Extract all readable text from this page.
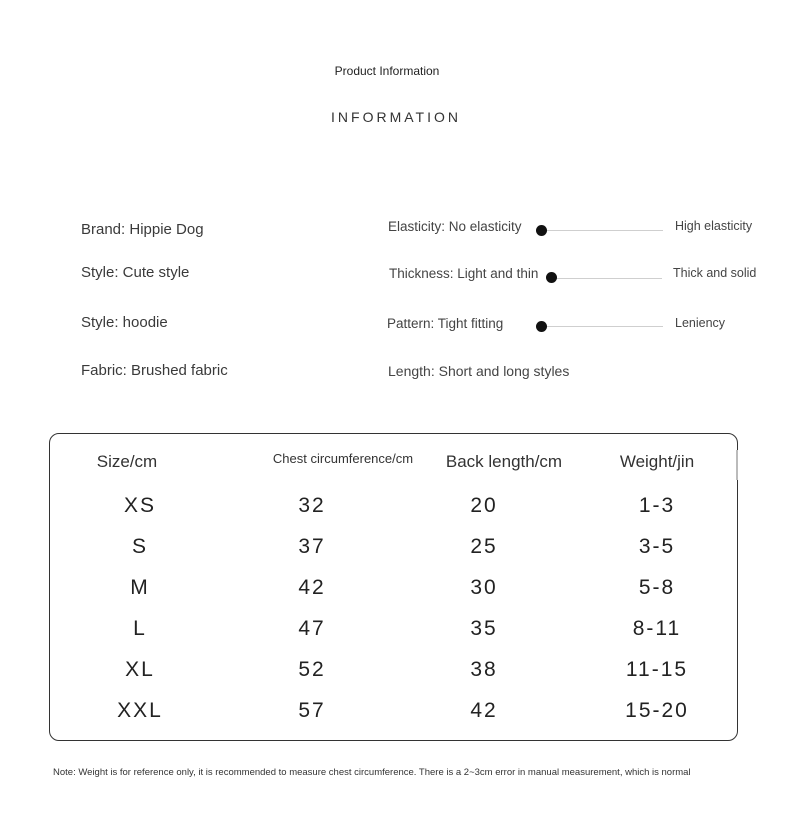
Product Information
INFORMATION
Brand: Hippie Dog
Style: Cute style
Style: hoodie
Fabric: Brushed fabric
Elasticity: No elasticity	High elasticity
Thickness: Light and thin	Thick and solid
Pattern: Tight fitting	Leniency
Length: Short and long styles
Size/cm	Chest circumference/cm	Back length/cm	Weight/jin
XS	32	20	1-3
S	37	25	3-5
M	42	30	5-8
L	47	35	8-11
XL	52	38	11-15
XXL	57	42	15-20
Note: Weight is for reference only, it is recommended to measure chest circumference. There is a 2~3cm error in manual measurement, which is normal
